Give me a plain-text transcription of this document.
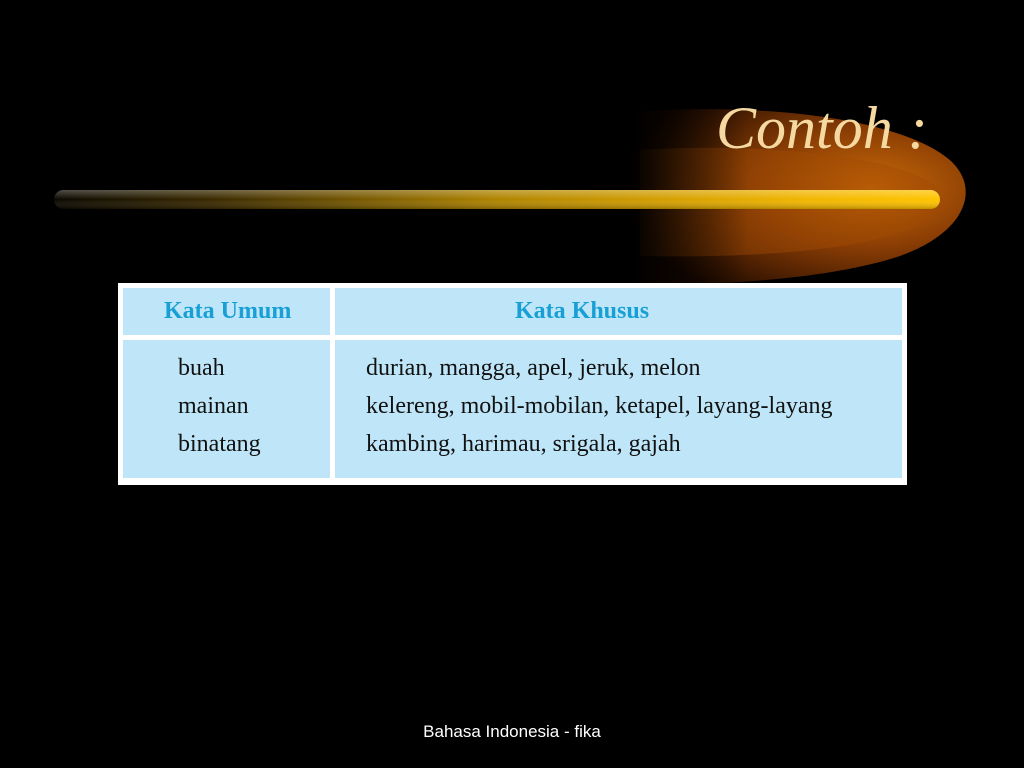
Contoh :
Kata Umum	Kata Khusus
buah
mainan
binatang
durian, mangga, apel, jeruk, melon
kelereng, mobil-mobilan, ketapel, layang-layang
kambing, harimau, srigala, gajah
Bahasa Indonesia - fika
